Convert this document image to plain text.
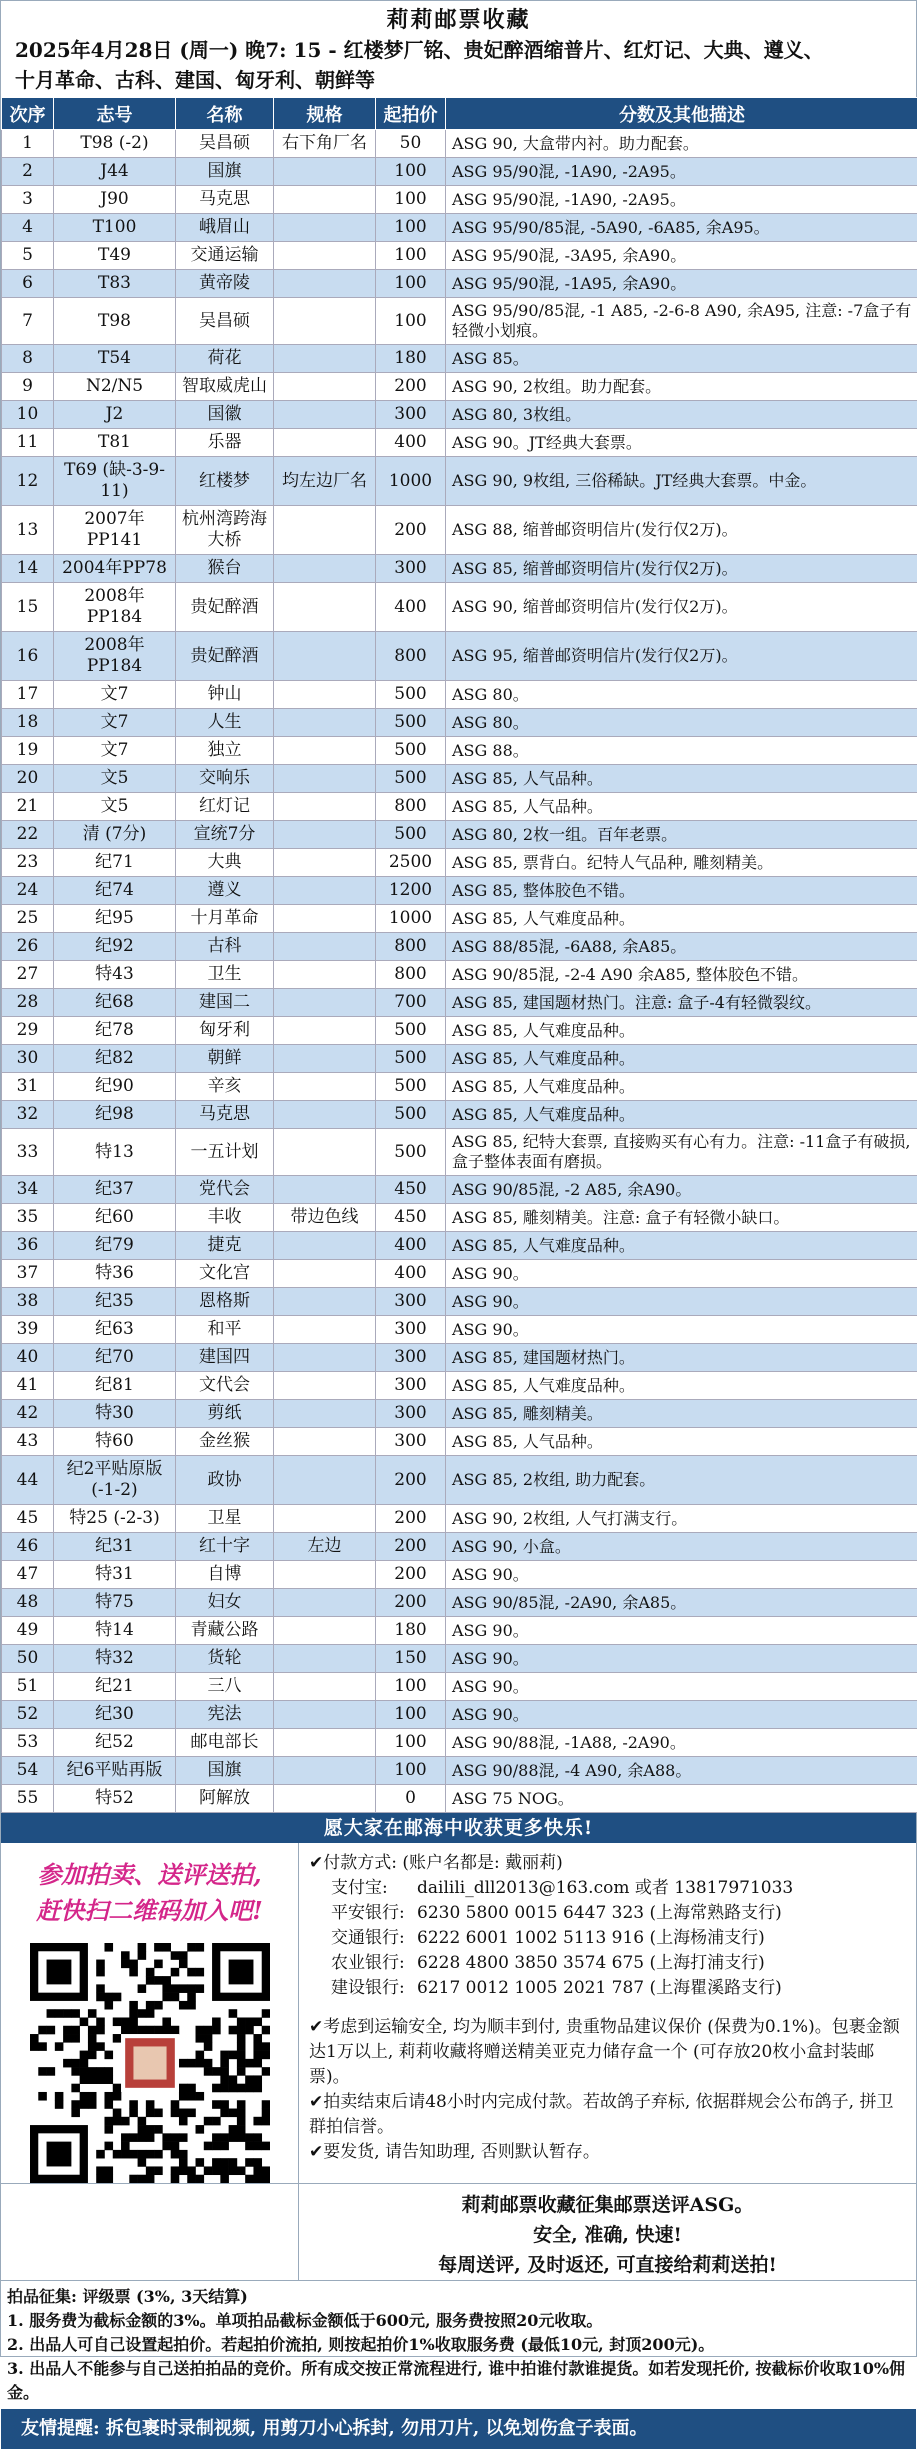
莉莉邮票收藏
2025年4月28日 (周一) 晚7: 15 - 红楼梦厂铭、贵妃醉酒缩普片、红灯记、大典、遵义、
十月革命、古科、建国、匈牙利、朝鲜等
次序	志号	名称	规格	起拍价	分数及其他描述
1	T98 (-2)	吴昌硕	右下角厂名	50	ASG 90, 大盒带内衬。助力配套。
2	J44	国旗		100	ASG 95/90混, -1A90, -2A95。
3	J90	马克思		100	ASG 95/90混, -1A90, -2A95。
4	T100	峨眉山		100	ASG 95/90/85混, -5A90, -6A85, 余A95。
5	T49	交通运输		100	ASG 95/90混, -3A95, 余A90。
6	T83	黄帝陵		100	ASG 95/90混, -1A95, 余A90。
7	T98	吴昌硕		100	ASG 95/90/85混, -1 A85, -2-6-8 A90, 余A95, 注意: -7盒子有轻微小划痕。
8	T54	荷花		180	ASG 85。
9	N2/N5	智取威虎山		200	ASG 90, 2枚组。助力配套。
10	J2	国徽		300	ASG 80, 3枚组。
11	T81	乐器		400	ASG 90。JT经典大套票。
12	T69 (缺-3-9-11)	红楼梦	均左边厂名	1000	ASG 90, 9枚组, 三俗稀缺。JT经典大套票。中金。
13	2007年PP141	杭州湾跨海大桥		200	ASG 88, 缩普邮资明信片(发行仅2万)。
14	2004年PP78	猴台		300	ASG 85, 缩普邮资明信片(发行仅2万)。
15	2008年PP184	贵妃醉酒		400	ASG 90, 缩普邮资明信片(发行仅2万)。
16	2008年PP184	贵妃醉酒		800	ASG 95, 缩普邮资明信片(发行仅2万)。
17	文7	钟山		500	ASG 80。
18	文7	人生		500	ASG 80。
19	文7	独立		500	ASG 88。
20	文5	交响乐		500	ASG 85, 人气品种。
21	文5	红灯记		800	ASG 85, 人气品种。
22	清 (7分)	宣统7分		500	ASG 80, 2枚一组。百年老票。
23	纪71	大典		2500	ASG 85, 票背白。纪特人气品种, 雕刻精美。
24	纪74	遵义		1200	ASG 85, 整体胶色不错。
25	纪95	十月革命		1000	ASG 85, 人气难度品种。
26	纪92	古科		800	ASG 88/85混, -6A88, 余A85。
27	特43	卫生		800	ASG 90/85混, -2-4 A90 余A85, 整体胶色不错。
28	纪68	建国二		700	ASG 85, 建国题材热门。注意: 盒子-4有轻微裂纹。
29	纪78	匈牙利		500	ASG 85, 人气难度品种。
30	纪82	朝鲜		500	ASG 85, 人气难度品种。
31	纪90	辛亥		500	ASG 85, 人气难度品种。
32	纪98	马克思		500	ASG 85, 人气难度品种。
33	特13	一五计划		500	ASG 85, 纪特大套票, 直接购买有心有力。注意: -11盒子有破损, 盒子整体表面有磨损。
34	纪37	党代会		450	ASG 90/85混, -2 A85, 余A90。
35	纪60	丰收	带边色线	450	ASG 85, 雕刻精美。注意: 盒子有轻微小缺口。
36	纪79	捷克		400	ASG 85, 人气难度品种。
37	特36	文化宫		400	ASG 90。
38	纪35	恩格斯		300	ASG 90。
39	纪63	和平		300	ASG 90。
40	纪70	建国四		300	ASG 85, 建国题材热门。
41	纪81	文代会		300	ASG 85, 人气难度品种。
42	特30	剪纸		300	ASG 85, 雕刻精美。
43	特60	金丝猴		300	ASG 85, 人气品种。
44	纪2平贴原版 (-1-2)	政协		200	ASG 85, 2枚组, 助力配套。
45	特25 (-2-3)	卫星		200	ASG 90, 2枚组, 人气打满支行。
46	纪31	红十字	左边	200	ASG 90, 小盒。
47	特31	自博		200	ASG 90。
48	特75	妇女		200	ASG 90/85混, -2A90, 余A85。
49	特14	青藏公路		180	ASG 90。
50	特32	货轮		150	ASG 90。
51	纪21	三八		100	ASG 90。
52	纪30	宪法		100	ASG 90。
53	纪52	邮电部长		100	ASG 90/88混, -1A88, -2A90。
54	纪6平贴再版	国旗		100	ASG 90/88混, -4 A90, 余A88。
55	特52	阿解放		0	ASG 75 NOG。
愿大家在邮海中收获更多快乐!
参加拍卖、送评送拍,
赶快扫二维码加入吧!

✔付款方式: (账户名都是: 戴丽莉)

支付宝:	dailili_dll2013@163.com 或者 13817971033
平安银行: 6230 5800 0015 6447 323 (上海常熟路支行)
交通银行: 6222 6001 1002 5113 916 (上海杨浦支行)
农业银行: 6228 4800 3850 3574 675 (上海打浦支行)
建设银行: 6217 0012 1005 2021 787 (上海瞿溪路支行)

✔考虑到运输安全, 均为顺丰到付, 贵重物品建议保价 (保费为0.1%)。包裹金额达1万以上, 莉莉收藏将赠送精美亚克力储存盒一个 (可存放20枚小盒封装邮票)。

✔拍卖结束后请48小时内完成付款。若故鸽子弃标, 依据群规会公布鸽子, 拼卫群拍信誉。

✔要发货, 请告知助理, 否则默认暂存。

莉莉邮票收藏征集邮票送评ASG。
安全, 准确, 快速!
每周送评, 及时返还, 可直接给莉莉送拍!
拍品征集: 评级票 (3%, 3天结算)
1. 服务费为截标金额的3%。单项拍品截标金额低于600元, 服务费按照20元收取。
2. 出品人可自己设置起拍价。若起拍价流拍, 则按起拍价1%收取服务费 (最低10元, 封顶200元)。
3. 出品人不能参与自己送拍拍品的竞价。所有成交按正常流程进行, 谁中拍谁付款谁提货。如若发现托价, 按截标价收取10%佣金。
友情提醒: 拆包裹时录制视频, 用剪刀小心拆封, 勿用刀片, 以免划伤盒子表面。
